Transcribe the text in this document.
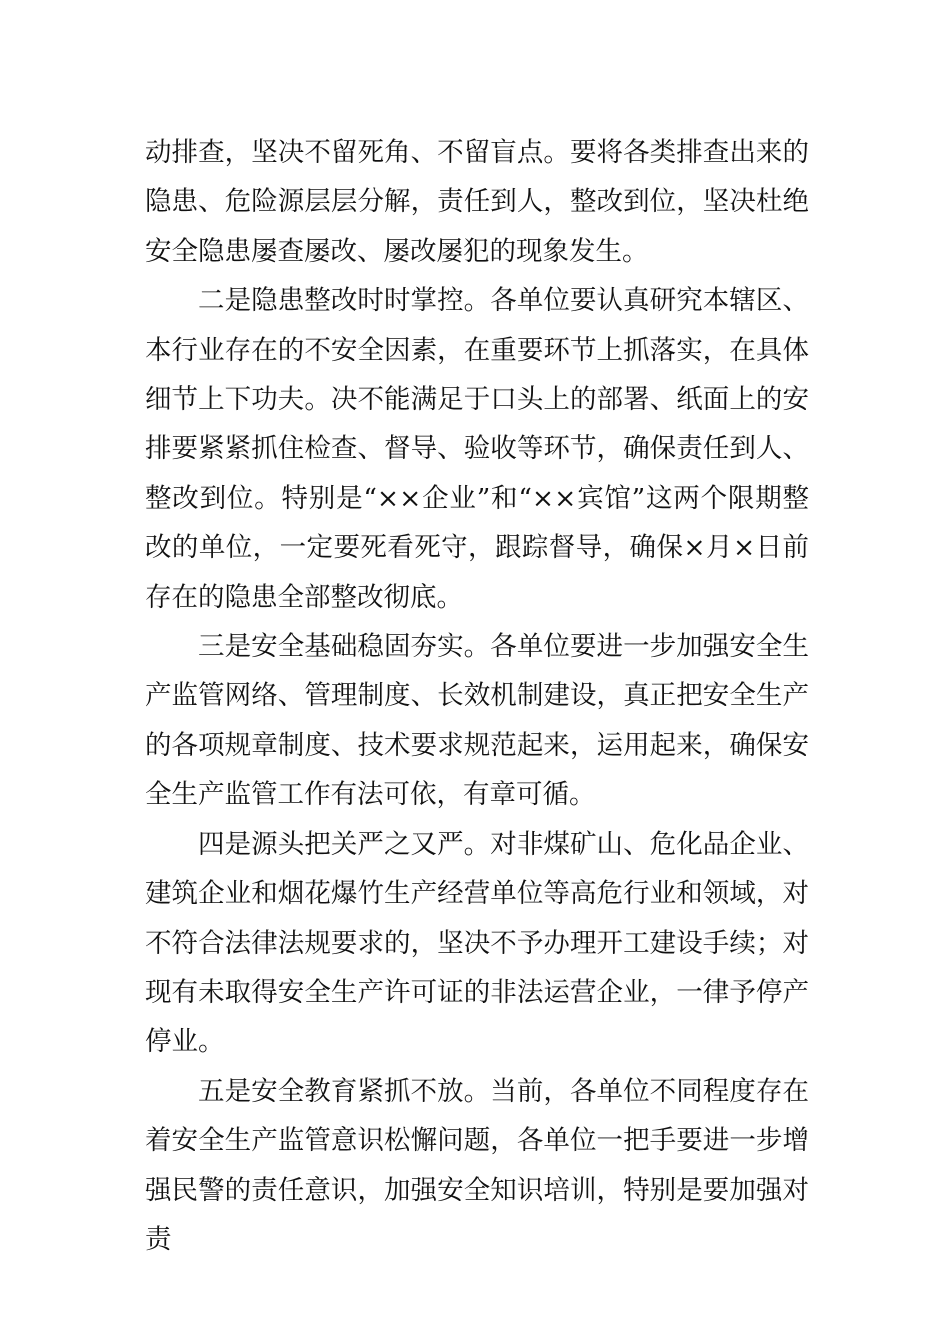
动排查，坚决不留死角、不留盲点。要将各类排查出来的隐患、危险源层层分解，责任到人，整改到位，坚决杜绝安全隐患屡查屡改、屡改屡犯的现象发生。

二是隐患整改时时掌控。各单位要认真研究本辖区、本行业存在的不安全因素，在重要环节上抓落实，在具体细节上下功夫。决不能满足于口头上的部署、纸面上的安排要紧紧抓住检查、督导、验收等环节，确保责任到人、整改到位。特别是“××企业”和“××宾馆”这两个限期整改的单位，一定要死看死守，跟踪督导，确保×月×日前存在的隐患全部整改彻底。

三是安全基础稳固夯实。各单位要进一步加强安全生产监管网络、管理制度、长效机制建设，真正把安全生产的各项规章制度、技术要求规范起来，运用起来，确保安全生产监管工作有法可依，有章可循。

四是源头把关严之又严。对非煤矿山、危化品企业、建筑企业和烟花爆竹生产经营单位等高危行业和领域，对不符合法律法规要求的，坚决不予办理开工建设手续；对现有未取得安全生产许可证的非法运营企业，一律予停产停业。

五是安全教育紧抓不放。当前，各单位不同程度存在着安全生产监管意识松懈问题，各单位一把手要进一步增强民警的责任意识，加强安全知识培训，特别是要加强对责
